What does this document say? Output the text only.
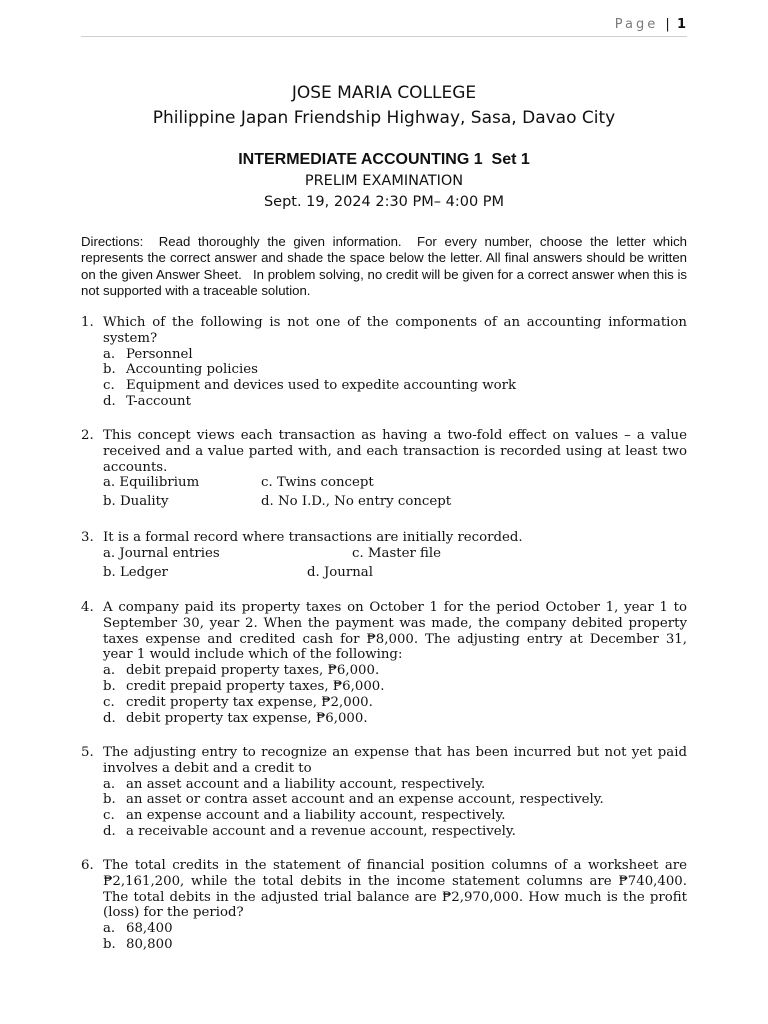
Page | 1
JOSE MARIA COLLEGE
Philippine Japan Friendship Highway, Sasa, Davao City
INTERMEDIATE ACCOUNTING 1  Set 1
PRELIM EXAMINATION
Sept. 19, 2024 2:30 PM– 4:00 PM
Directions:  Read thoroughly the given information.  For every number, choose the letter which represents the correct answer and shade the space below the letter. All final answers should be written on the given Answer Sheet.   In problem solving, no credit will be given for a correct answer when this is not supported with a traceable solution.
1. Which of the following is not one of the components of an accounting information system?
a. Personnel
b. Accounting policies
c. Equipment and devices used to expedite accounting work
d. T-account
2. This concept views each transaction as having a two-fold effect on values – a value received and a value parted with, and each transaction is recorded using at least two accounts.
a. Equilibrium	c. Twins concept
b. Duality	d. No I.D., No entry concept
3. It is a formal record where transactions are initially recorded.
a. Journal entries	c. Master file
b. Ledger	d. Journal
4. A company paid its property taxes on October 1 for the period October 1, year 1 to September 30, year 2. When the payment was made, the company debited property taxes expense and credited cash for ₱8,000. The adjusting entry at December 31, year 1 would include which of the following:
a. debit prepaid property taxes, ₱6,000.
b. credit prepaid property taxes, ₱6,000.
c. credit property tax expense, ₱2,000.
d. debit property tax expense, ₱6,000.
5. The adjusting entry to recognize an expense that has been incurred but not yet paid involves a debit and a credit to
a. an asset account and a liability account, respectively.
b. an asset or contra asset account and an expense account, respectively.
c. an expense account and a liability account, respectively.
d. a receivable account and a revenue account, respectively.
6. The total credits in the statement of financial position columns of a worksheet are ₱2,161,200, while the total debits in the income statement columns are ₱740,400. The total debits in the adjusted trial balance are ₱2,970,000. How much is the profit (loss) for the period?
a. 68,400
b. 80,800
